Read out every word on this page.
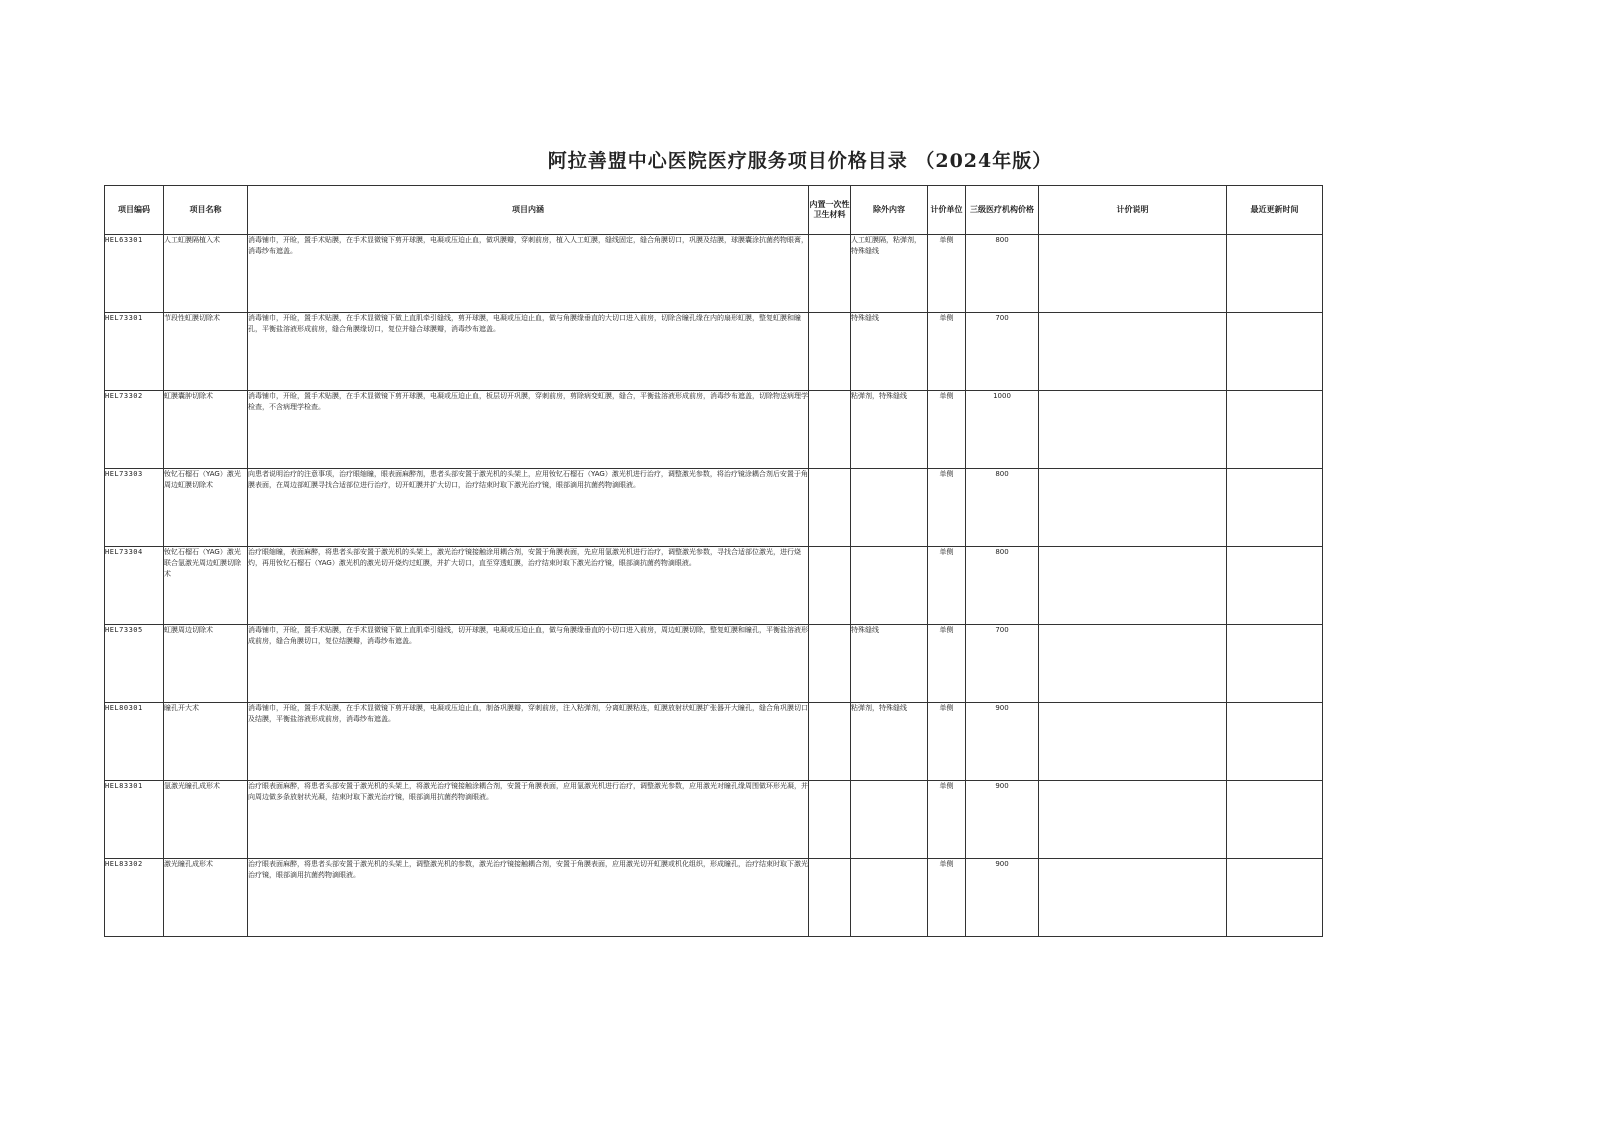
阿拉善盟中心医院医疗服务项目价格目录 （2024年版）
项目编码	项目名称	项目内涵	内置一次性卫生材料	除外内容	计价单位	三级医疗机构价格	计价说明	最近更新时间
HEL63301	人工虹膜隔植入术	消毒铺巾，开睑，置手术贴膜，在手术显微镜下剪开球膜，电凝或压迫止血，做巩膜瓣，穿刺前房，植入人工虹膜，缝线固定，缝合角膜切口，巩膜及结膜，球膜囊涂抗菌药物眼膏，消毒纱布遮盖。		人工虹膜隔，粘弹剂，特殊缝线	单侧	800		
HEL73301	节段性虹膜切除术	消毒铺巾，开睑，置手术贴膜，在手术显微镜下做上直肌牵引缝线，剪开球膜，电凝或压迫止血，做与角膜缘垂直的大切口进入前房，切除含瞳孔缘在内的扇形虹膜，整复虹膜和瞳孔，平衡盐溶液形成前房，缝合角膜缘切口，复位并缝合球膜瓣，消毒纱布遮盖。		特殊缝线	单侧	700		
HEL73302	虹膜囊肿切除术	消毒铺巾，开睑，置手术贴膜，在手术显微镜下剪开球膜，电凝或压迫止血，板层切开巩膜，穿刺前房，剪除病变虹膜，缝合，平衡盐溶液形成前房，消毒纱布遮盖，切除物送病理学检查，不含病理学检查。		粘弹剂，特殊缝线	单侧	1000		
HEL73303	钕钇石榴石（YAG）激光周边虹膜切除术	向患者说明治疗的注意事项，治疗眼缩瞳，眼表面麻醉剂，患者头部安置于激光机的头架上，应用钕钇石榴石（YAG）激光机进行治疗，调整激光参数，将治疗镜涂耦合剂后安置于角膜表面，在周边部虹膜寻找合适部位进行治疗，切开虹膜并扩大切口，治疗结束时取下激光治疗镜，眼部滴用抗菌药物滴眼液。			单侧	800		
HEL73304	钕钇石榴石（YAG）激光联合氩激光周边虹膜切除术	治疗眼缩瞳，表面麻醉，将患者头部安置于激光机的头架上，激光治疗镜接触涂用耦合剂，安置于角膜表面，先应用氩激光机进行治疗，调整激光参数，寻找合适部位激光，进行烧灼，再用钕钇石榴石（YAG）激光机的激光切开烧灼过虹膜，并扩大切口，直至穿透虹膜，治疗结束时取下激光治疗镜，眼部滴抗菌药物滴眼液。			单侧	800		
HEL73305	虹膜周边切除术	消毒铺巾，开睑，置手术贴膜，在手术显微镜下做上直肌牵引缝线，切开球膜，电凝或压迫止血，做与角膜缘垂直的小切口进入前房，周边虹膜切除，整复虹膜和瞳孔，平衡盐溶液形成前房，缝合角膜切口，复位结膜瓣，消毒纱布遮盖。		特殊缝线	单侧	700		
HEL80301	瞳孔开大术	消毒铺巾，开睑，置手术贴膜，在手术显微镜下剪开球膜，电凝或压迫止血，制备巩膜瓣，穿刺前房，注入粘弹剂，分离虹膜粘连，虹膜放射状虹膜扩张器开大瞳孔，缝合角巩膜切口及结膜，平衡盐溶液形成前房，消毒纱布遮盖。		粘弹剂，特殊缝线	单侧	900		
HEL83301	氩激光瞳孔成形术	治疗眼表面麻醉，将患者头部安置于激光机的头架上，将激光治疗镜接触涂耦合剂，安置于角膜表面，应用氩激光机进行治疗，调整激光参数，应用激光对瞳孔缘周围做环形光凝，并向周边做多条放射状光凝，结束时取下激光治疗镜，眼部滴用抗菌药物滴眼液。			单侧	900		
HEL83302	激光瞳孔成形术	治疗眼表面麻醉，将患者头部安置于激光机的头架上，调整激光机的参数，激光治疗镜接触耦合剂，安置于角膜表面，应用激光切开虹膜或机化组织，形成瞳孔，治疗结束时取下激光治疗镜，眼部滴用抗菌药物滴眼液。			单侧	900		
